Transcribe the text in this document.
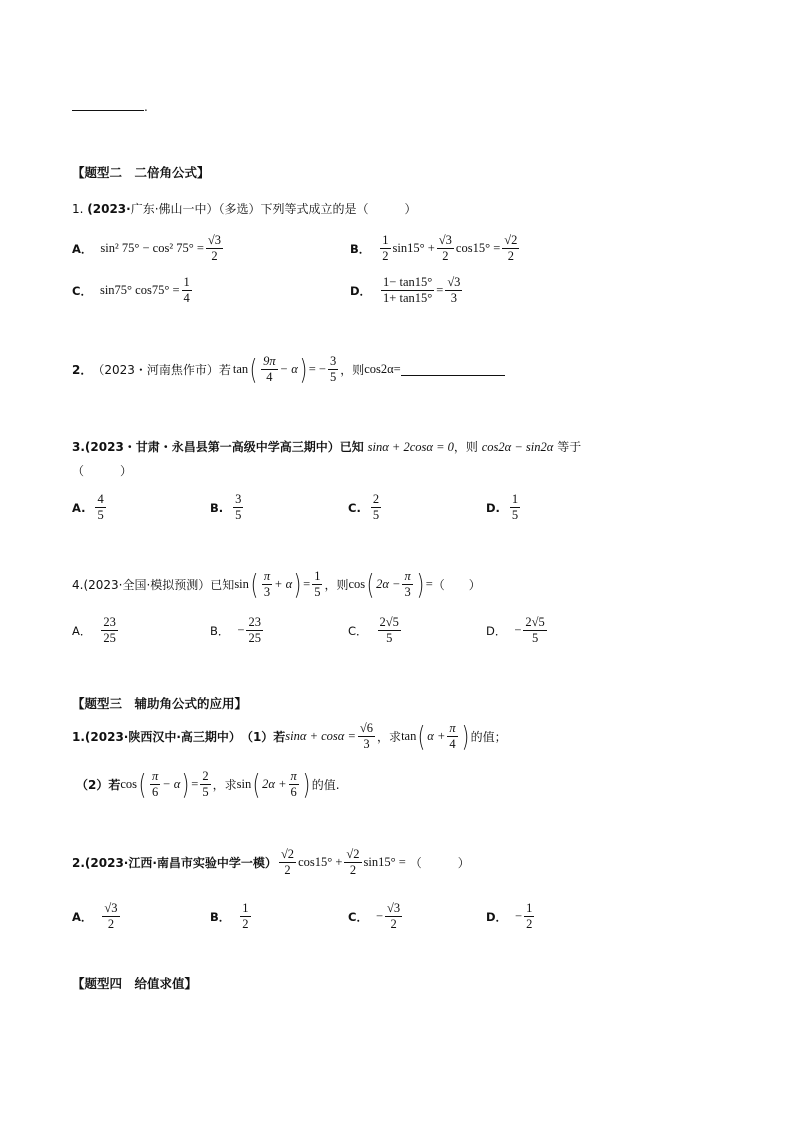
.
【题型二　二倍角公式】
1. (2023·广东·佛山一中）（多选）下列等式成立的是（　　　）
A． sin² 75° − cos² $75^\circ = \frac{√3}{2}$	B． $\frac{1}{2} \sin 15^\circ + \frac{√3}{2} \cos 15^\circ = \frac{√2}{2}$
C． sin75° $\cos 75^\circ = \frac{1}{4}$	D． $\frac{1- \tan 15^\circ}{1+ \tan 15^\circ} = \frac{√3}{3}$
2． （2023・河南焦作市）若 tan ( $\frac{9\pi}{4} - \alpha$ ) = − $\frac{3}{5}$ ，则 cos2α =
3.(2023・甘肃・永昌县第一高级中学高三期中）已知 sinα + 2cosα = 0，则 cos2α − sin2α 等于
（　　　）
A. $\frac{4}{5}$	B. $\frac{3}{5}$	C. $\frac{2}{5}$	D. $\frac{1}{5}$
4. (2023·全国·模拟预测）已知 sin ( $\frac{\pi}{3} + \alpha$ ) = $\frac{1}{5}$ ，则 cos ( $2\alpha - \frac{\pi}{3}$ ) = （　　）
A． $\frac{23}{25}$	B． − $\frac{23}{25}$	C． $\frac{2√5}{5}$	D． − $\frac{2√5}{5}$
【题型三　辅助角公式的应用】
1. (2023·陕西汉中·高三期中） （1）若 $\sin\alpha + \cos\alpha = \frac{√6}{3}$ ，求 tan ( $\alpha + \frac{\pi}{4}$ ) 的值；
（2）若 cos ( $\frac{\pi}{6} - \alpha$ ) = $\frac{2}{5}$ ，求 sin ( $2\alpha + \frac{\pi}{6}$ ) 的值.
2. (2023·江西·南昌市实验中学一模） $\frac{√2}{2} \cos 15^\circ + \frac{√2}{2} \sin 15^\circ$ = （　　　）
A． $\frac{√3}{2}$	B． $\frac{1}{2}$	C． − $\frac{√3}{2}$	D． − $\frac{1}{2}$
【题型四　给值求值】
